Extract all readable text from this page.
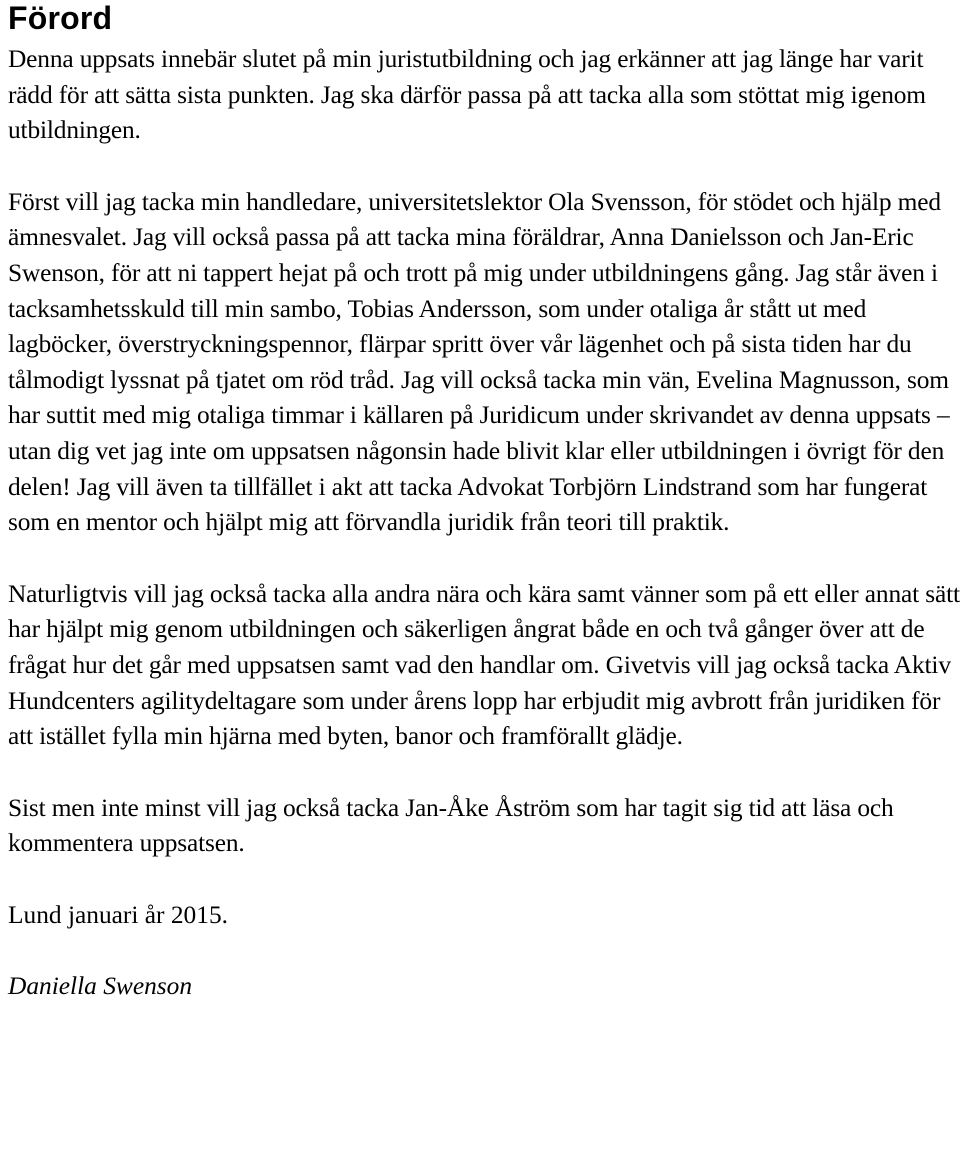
Förord

Denna uppsats innebär slutet på min juristutbildning och jag erkänner att jag länge har varit rädd för att sätta sista punkten. Jag ska därför passa på att tacka alla som stöttat mig igenom utbildningen.

Först vill jag tacka min handledare, universitetslektor Ola Svensson, för stödet och hjälp med ämnesvalet. Jag vill också passa på att tacka mina föräldrar, Anna Danielsson och Jan-Eric Swenson, för att ni tappert hejat på och trott på mig under utbildningens gång. Jag står även i tacksamhetsskuld till min sambo, Tobias Andersson, som under otaliga år stått ut med lagböcker, överstryckningspennor, flärpar spritt över vår lägenhet och på sista tiden har du tålmodigt lyssnat på tjatet om röd tråd. Jag vill också tacka min vän, Evelina Magnusson, som har suttit med mig otaliga timmar i källaren på Juridicum under skrivandet av denna uppsats – utan dig vet jag inte om uppsatsen någonsin hade blivit klar eller utbildningen i övrigt för den delen! Jag vill även ta tillfället i akt att tacka Advokat Torbjörn Lindstrand som har fungerat som en mentor och hjälpt mig att förvandla juridik från teori till praktik.

Naturligtvis vill jag också tacka alla andra nära och kära samt vänner som på ett eller annat sätt har hjälpt mig genom utbildningen och säkerligen ångrat både en och två gånger över att de frågat hur det går med uppsatsen samt vad den handlar om. Givetvis vill jag också tacka Aktiv Hundcenters agilitydeltagare som under årens lopp har erbjudit mig avbrott från juridiken för att istället fylla min hjärna med byten, banor och framförallt glädje.

Sist men inte minst vill jag också tacka Jan-Åke Åström som har tagit sig tid att läsa och kommentera uppsatsen.

Lund januari år 2015.

Daniella Swenson
